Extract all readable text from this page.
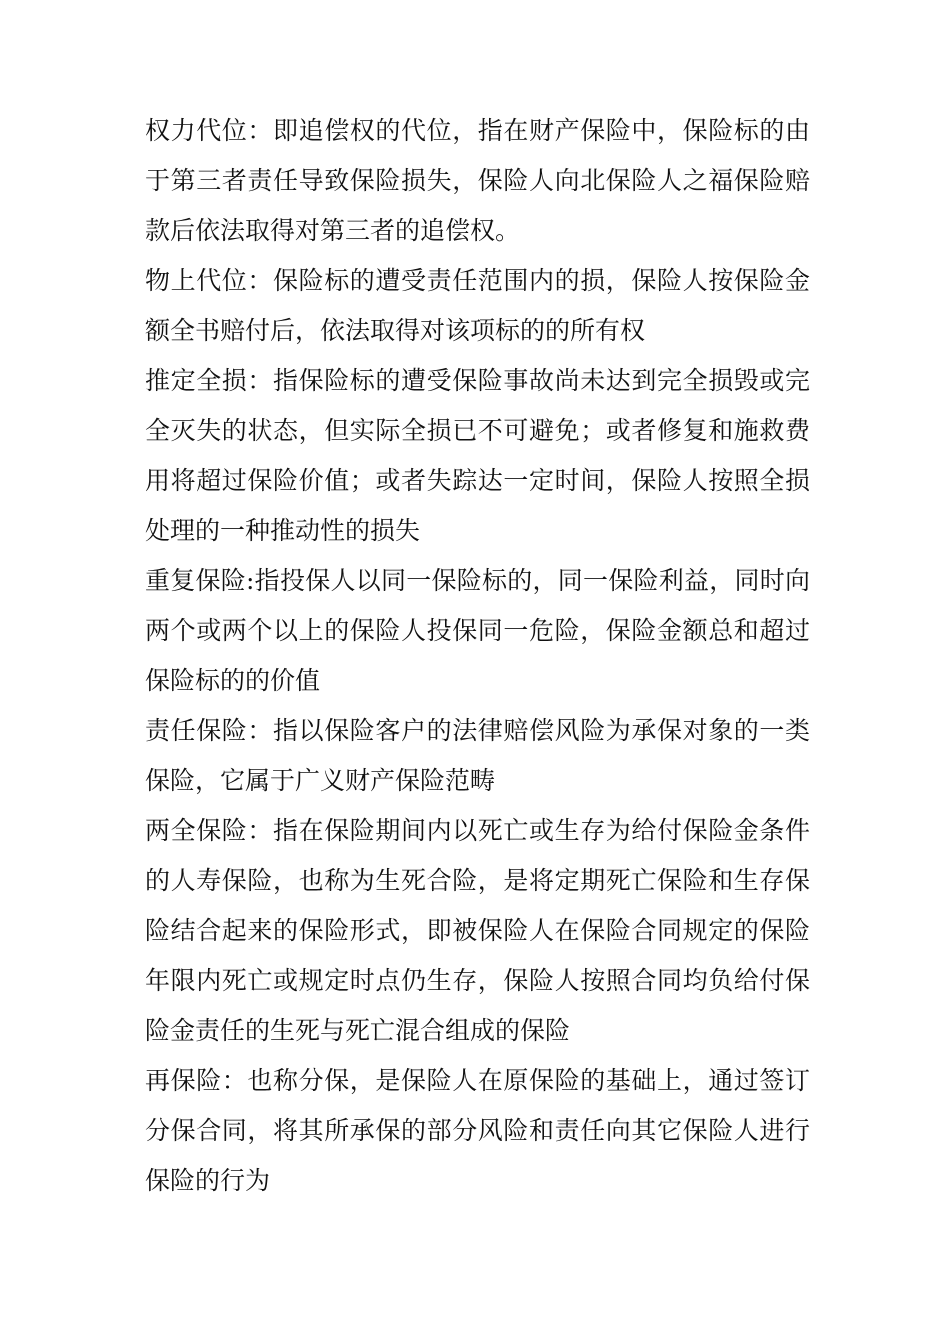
权力代位：即追偿权的代位，指在财产保险中，保险标的由于第三者责任导致保险损失，保险人向北保险人之福保险赔款后依法取得对第三者的追偿权。

物上代位：保险标的遭受责任范围内的损，保险人按保险金额全书赔付后，依法取得对该项标的的所有权

推定全损：指保险标的遭受保险事故尚未达到完全损毁或完全灭失的状态，但实际全损已不可避免；或者修复和施救费用将超过保险价值；或者失踪达一定时间，保险人按照全损处理的一种推动性的损失

重复保险:指投保人以同一保险标的，同一保险利益，同时向两个或两个以上的保险人投保同一危险，保险金额总和超过保险标的的价值

责任保险：指以保险客户的法律赔偿风险为承保对象的一类保险，它属于广义财产保险范畴

两全保险：指在保险期间内以死亡或生存为给付保险金条件的人寿保险，也称为生死合险，是将定期死亡保险和生存保险结合起来的保险形式，即被保险人在保险合同规定的保险年限内死亡或规定时点仍生存，保险人按照合同均负给付保险金责任的生死与死亡混合组成的保险

再保险：也称分保，是保险人在原保险的基础上，通过签订分保合同，将其所承保的部分风险和责任向其它保险人进行保险的行为
